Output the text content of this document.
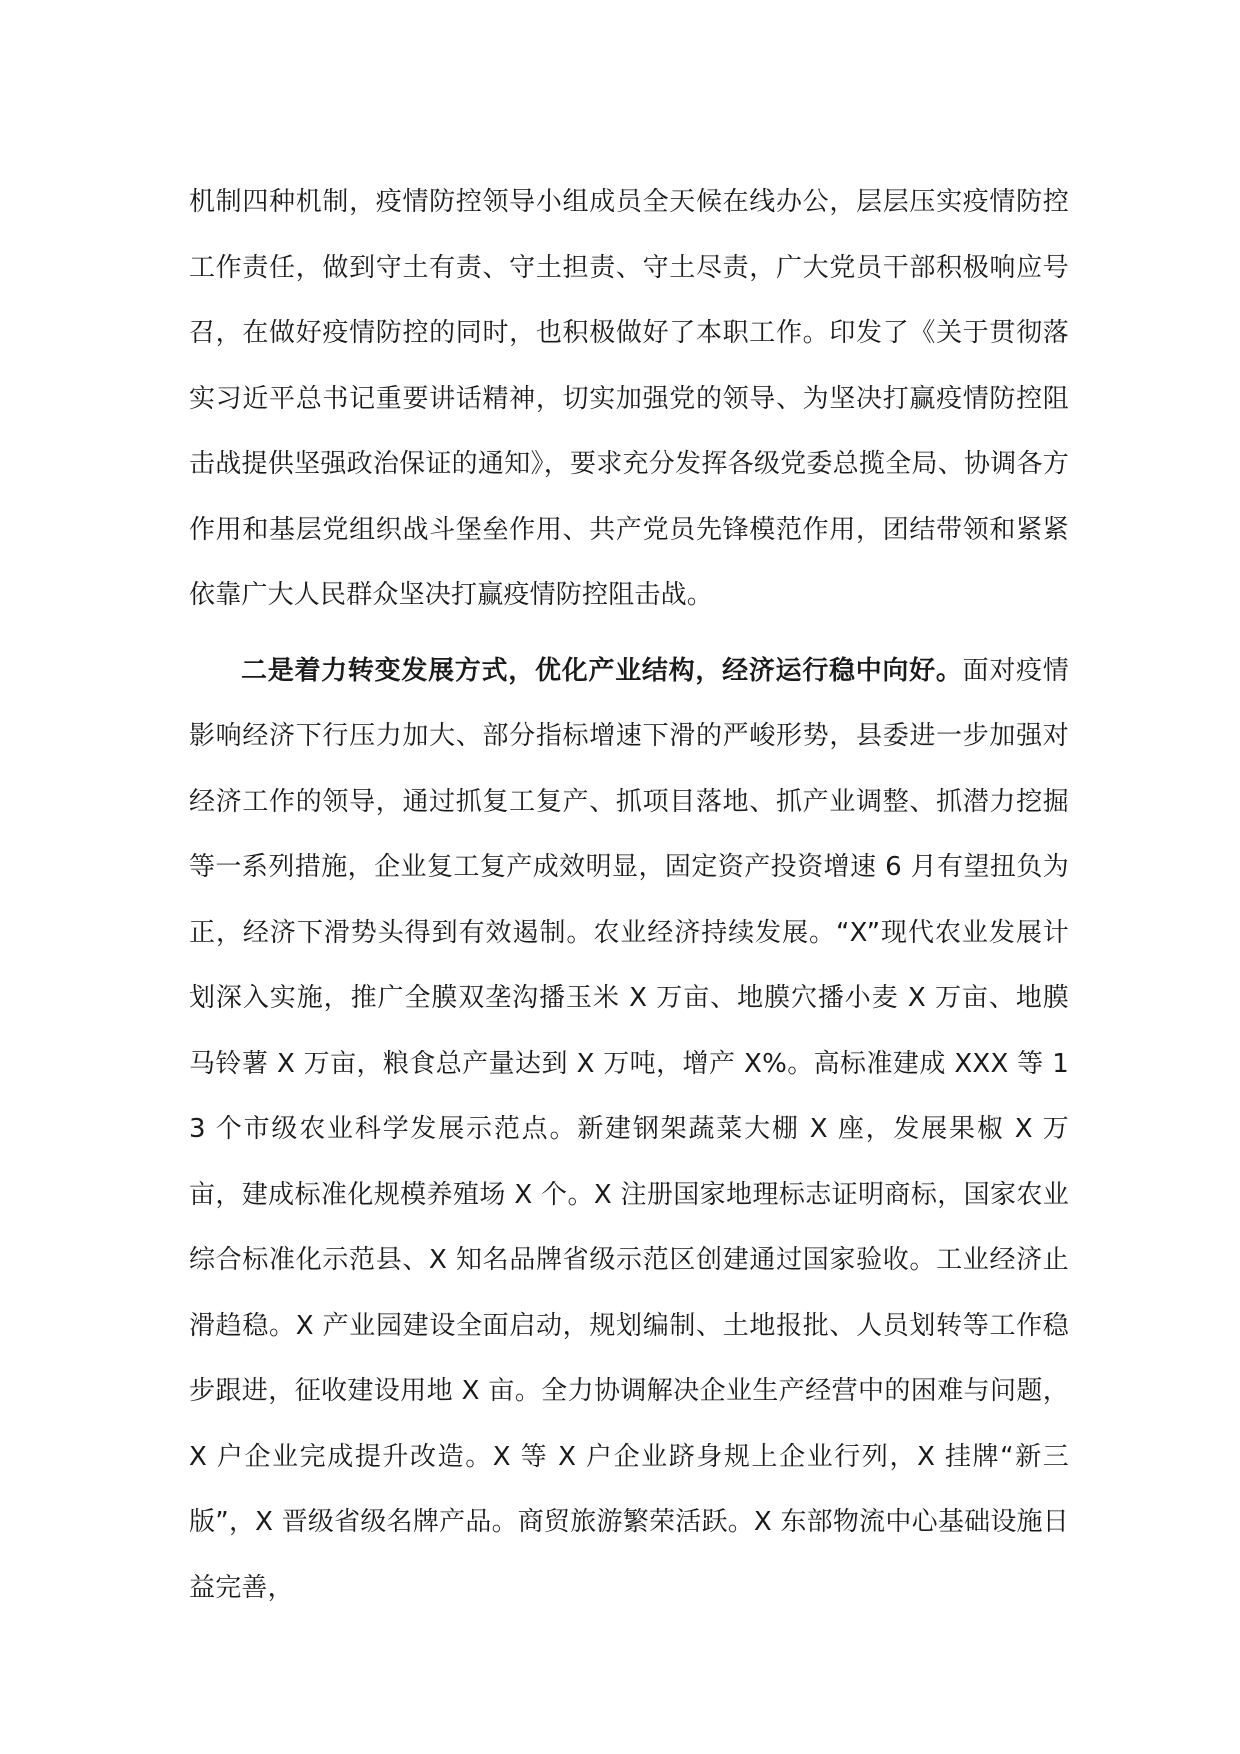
机制四种机制，疫情防控领导小组成员全天候在线办公，层层压实疫情防控工作责任，做到守土有责、守土担责、守土尽责，广大党员干部积极响应号召，在做好疫情防控的同时，也积极做好了本职工作。印发了《关于贯彻落实习近平总书记重要讲话精神，切实加强党的领导、为坚决打赢疫情防控阻击战提供坚强政治保证的通知》，要求充分发挥各级党委总揽全局、协调各方作用和基层党组织战斗堡垒作用、共产党员先锋模范作用，团结带领和紧紧依靠广大人民群众坚决打赢疫情防控阻击战。

二是着力转变发展方式，优化产业结构，经济运行稳中向好。面对疫情影响经济下行压力加大、部分指标增速下滑的严峻形势，县委进一步加强对经济工作的领导，通过抓复工复产、抓项目落地、抓产业调整、抓潜力挖掘等一系列措施，企业复工复产成效明显，固定资产投资增速 6 月有望扭负为正，经济下滑势头得到有效遏制。农业经济持续发展。“X”现代农业发展计划深入实施，推广全膜双垄沟播玉米 X 万亩、地膜穴播小麦 X 万亩、地膜马铃薯 X 万亩，粮食总产量达到 X 万吨，增产 X%。高标准建成 XXX 等 13 个市级农业科学发展示范点。新建钢架蔬菜大棚 X 座，发展果椒 X 万亩，建成标准化规模养殖场 X 个。X 注册国家地理标志证明商标，国家农业综合标准化示范县、X 知名品牌省级示范区创建通过国家验收。工业经济止滑趋稳。X 产业园建设全面启动，规划编制、土地报批、人员划转等工作稳步跟进，征收建设用地 X 亩。全力协调解决企业生产经营中的困难与问题，X 户企业完成提升改造。X 等 X 户企业跻身规上企业行列，X 挂牌“新三版”，X 晋级省级名牌产品。商贸旅游繁荣活跃。X 东部物流中心基础设施日益完善，
